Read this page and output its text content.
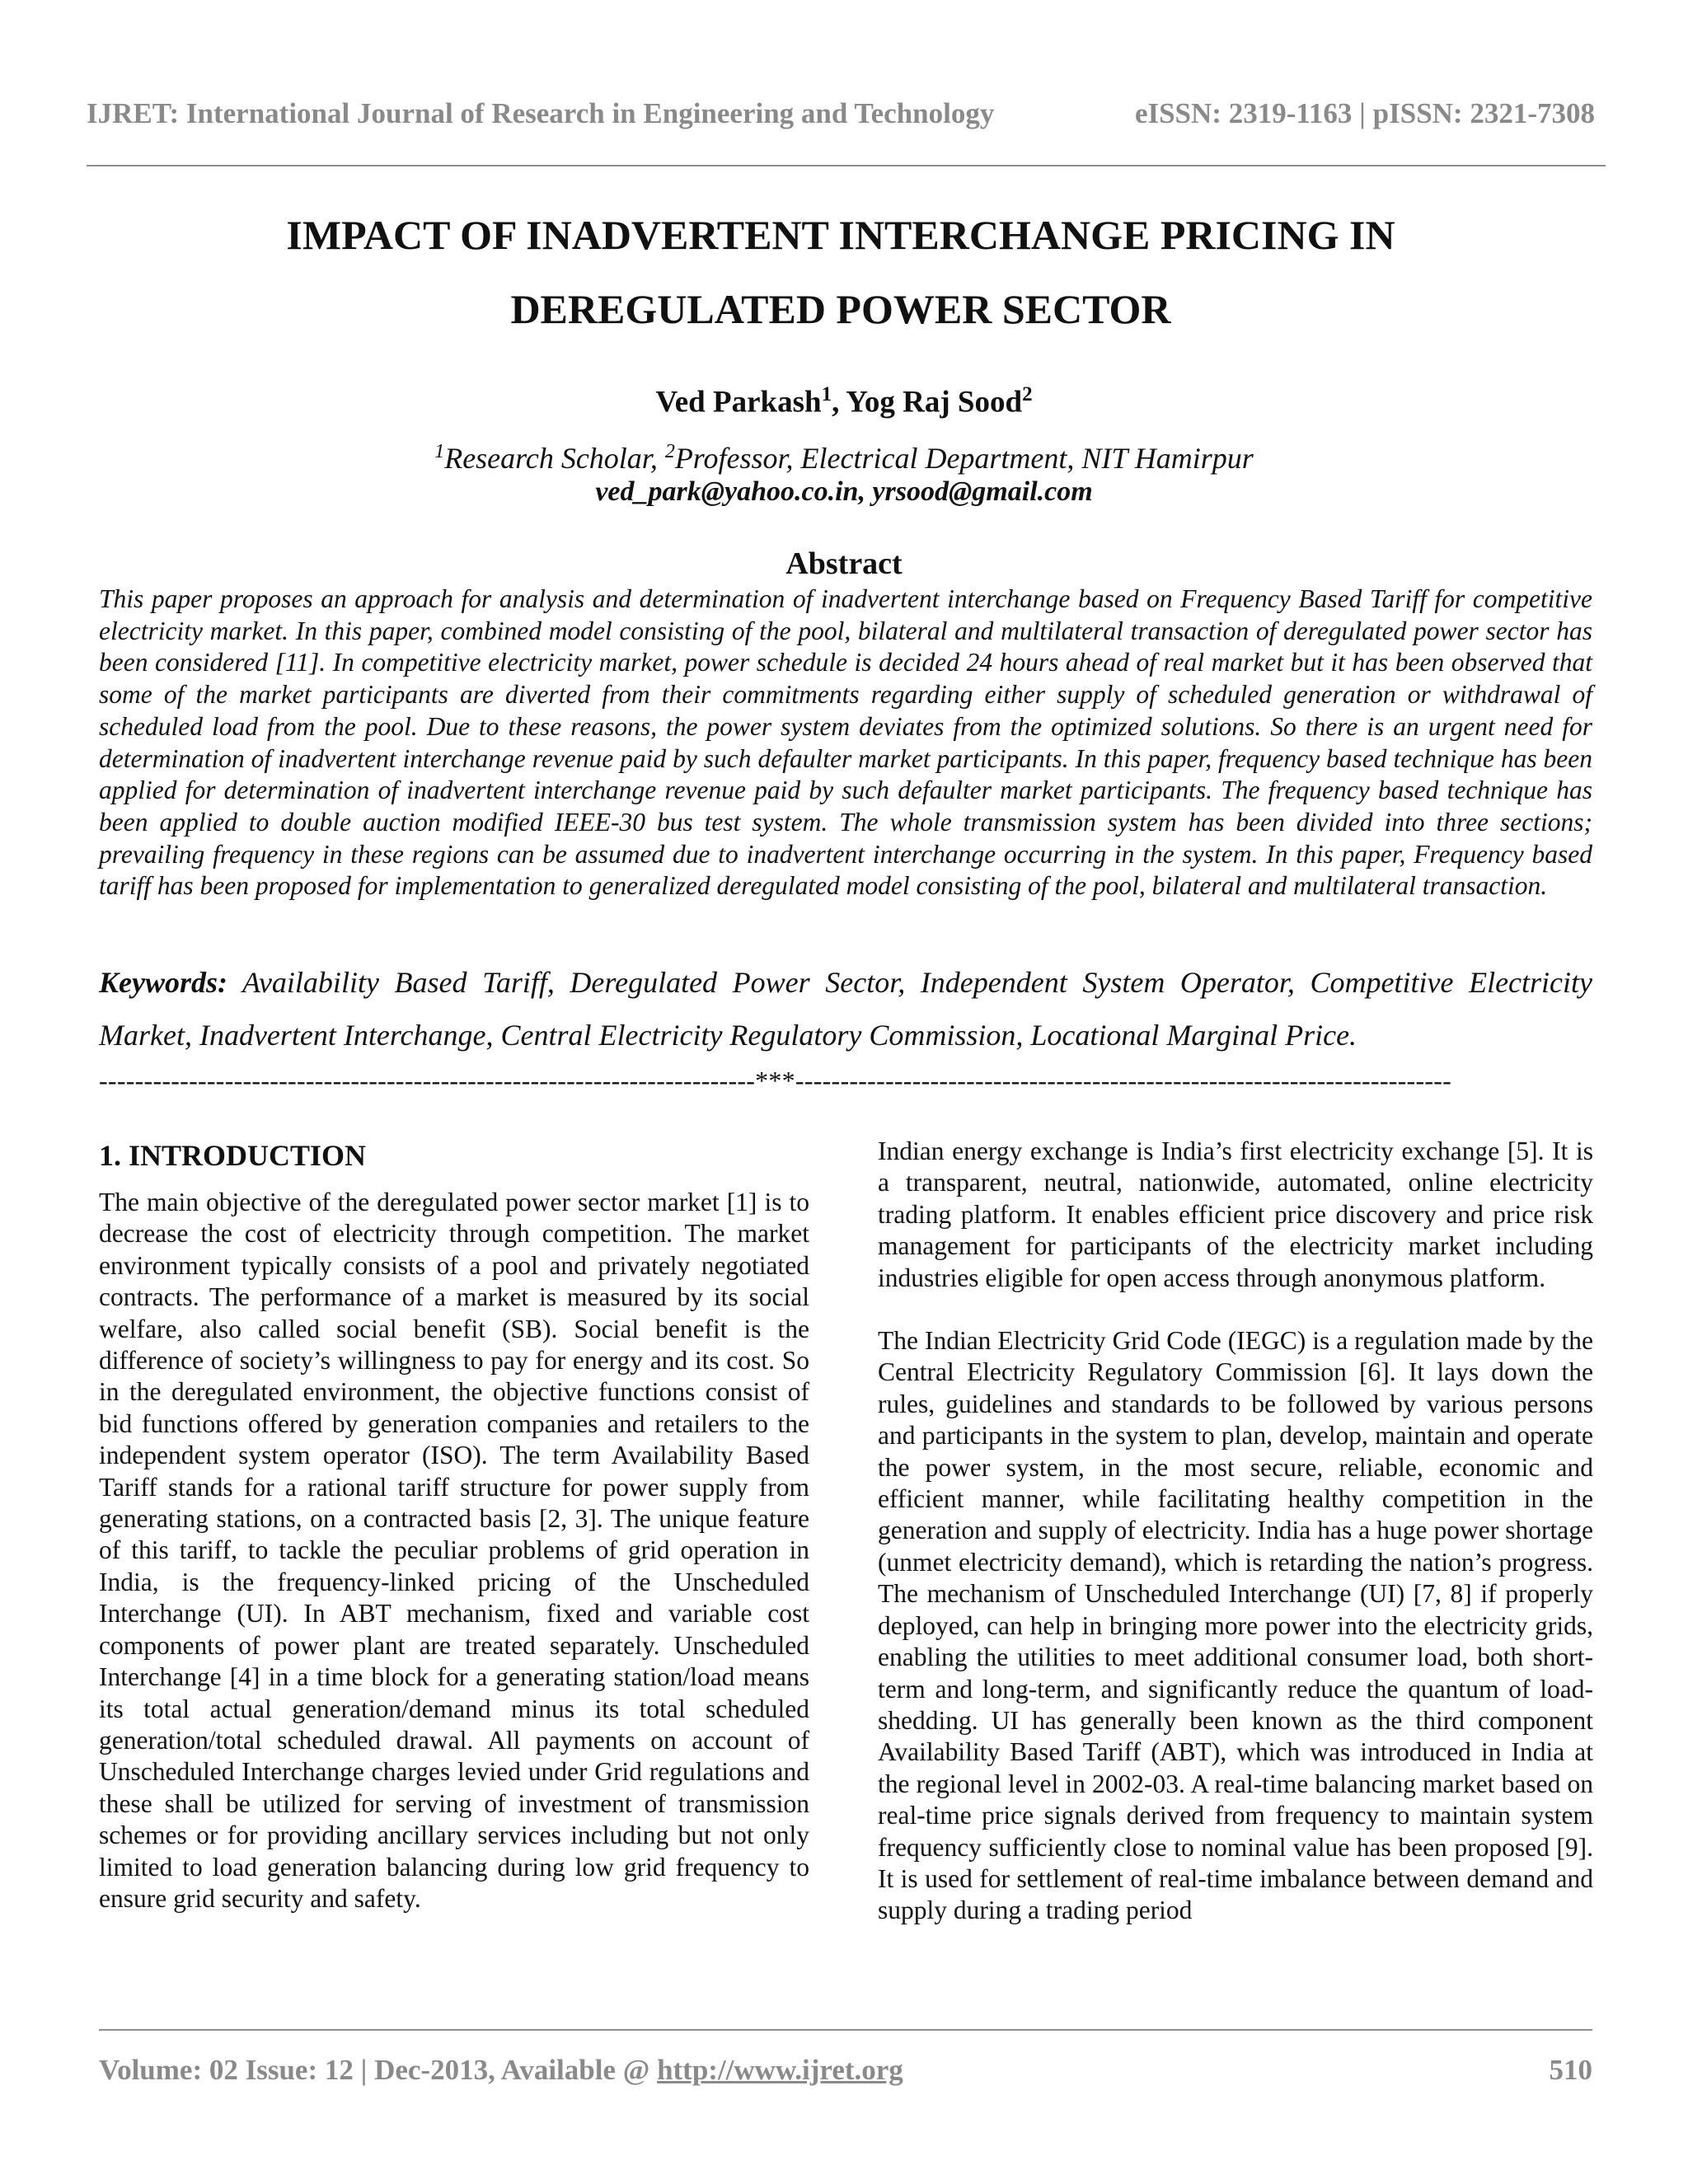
IJRET: International Journal of Research in Engineering and Technology	eISSN: 2319-1163 | pISSN: 2321-7308
IMPACT OF INADVERTENT INTERCHANGE PRICING IN
DEREGULATED POWER SECTOR
Ved Parkash$^1$, Yog Raj Sood$^2$
$^1$Research Scholar, $^2$Professor, Electrical Department, NIT Hamirpur
ved_park@yahoo.co.in, yrsood@gmail.com
Abstract
This paper proposes an approach for analysis and determination of inadvertent interchange based on Frequency Based Tariff for competitive electricity market. In this paper, combined model consisting of the pool, bilateral and multilateral transaction of deregulated power sector has been considered [11]. In competitive electricity market, power schedule is decided 24 hours ahead of real market but it has been observed that some of the market participants are diverted from their commitments regarding either supply of scheduled generation or withdrawal of scheduled load from the pool. Due to these reasons, the power system deviates from the optimized solutions. So there is an urgent need for determination of inadvertent interchange revenue paid by such defaulter market participants. In this paper, frequency based technique has been applied for determination of inadvertent interchange revenue paid by such defaulter market participants. The frequency based technique has been applied to double auction modified IEEE-30 bus test system. The whole transmission system has been divided into three sections; prevailing frequency in these regions can be assumed due to inadvertent interchange occurring in the system. In this paper, Frequency based tariff has been proposed for implementation to generalized deregulated model consisting of the pool, bilateral and multilateral transaction.
Keywords: Availability Based Tariff, Deregulated Power Sector, Independent System Operator, Competitive Electricity Market, Inadvertent Interchange, Central Electricity Regulatory Commission, Locational Marginal Price.
-------------------------------------------------------------------------***-------------------------------------------------------------------------
1. INTRODUCTION

The main objective of the deregulated power sector market [1] is to decrease the cost of electricity through competition. The market environment typically consists of a pool and privately negotiated contracts. The performance of a market is measured by its social welfare, also called social benefit (SB). Social benefit is the difference of society’s willingness to pay for energy and its cost. So in the deregulated environment, the objective functions consist of bid functions offered by generation companies and retailers to the independent system operator (ISO). The term Availability Based Tariff stands for a rational tariff structure for power supply from generating stations, on a contracted basis [2, 3]. The unique feature of this tariff, to tackle the peculiar problems of grid operation in India, is the frequency-linked pricing of the Unscheduled Interchange (UI). In ABT mechanism, fixed and variable cost components of power plant are treated separately. Unscheduled Interchange [4] in a time block for a generating station/load means its total actual generation/demand minus its total scheduled generation/total scheduled drawal. All payments on account of Unscheduled Interchange charges levied under Grid regulations and these shall be utilized for serving of investment of transmission schemes or for providing ancillary services including but not only limited to load generation balancing during low grid frequency to ensure grid security and safety.

Indian energy exchange is India’s first electricity exchange [5]. It is a transparent, neutral, nationwide, automated, online electricity trading platform. It enables efficient price discovery and price risk management for participants of the electricity market including industries eligible for open access through anonymous platform.

The Indian Electricity Grid Code (IEGC) is a regulation made by the Central Electricity Regulatory Commission [6]. It lays down the rules, guidelines and standards to be followed by various persons and participants in the system to plan, develop, maintain and operate the power system, in the most secure, reliable, economic and efficient manner, while facilitating healthy competition in the generation and supply of electricity. India has a huge power shortage (unmet electricity demand), which is retarding the nation’s progress. The mechanism of Unscheduled Interchange (UI) [7, 8] if properly deployed, can help in bringing more power into the electricity grids, enabling the utilities to meet additional consumer load, both short-term and long-term, and significantly reduce the quantum of load-shedding. UI has generally been known as the third component Availability Based Tariff (ABT), which was introduced in India at the regional level in 2002-03. A real-time balancing market based on real-time price signals derived from frequency to maintain system frequency sufficiently close to nominal value has been proposed [9]. It is used for settlement of real-time imbalance between demand and supply during a trading period

Volume: 02 Issue: 12 | Dec-2013, Available @ http://www.ijret.org	510
